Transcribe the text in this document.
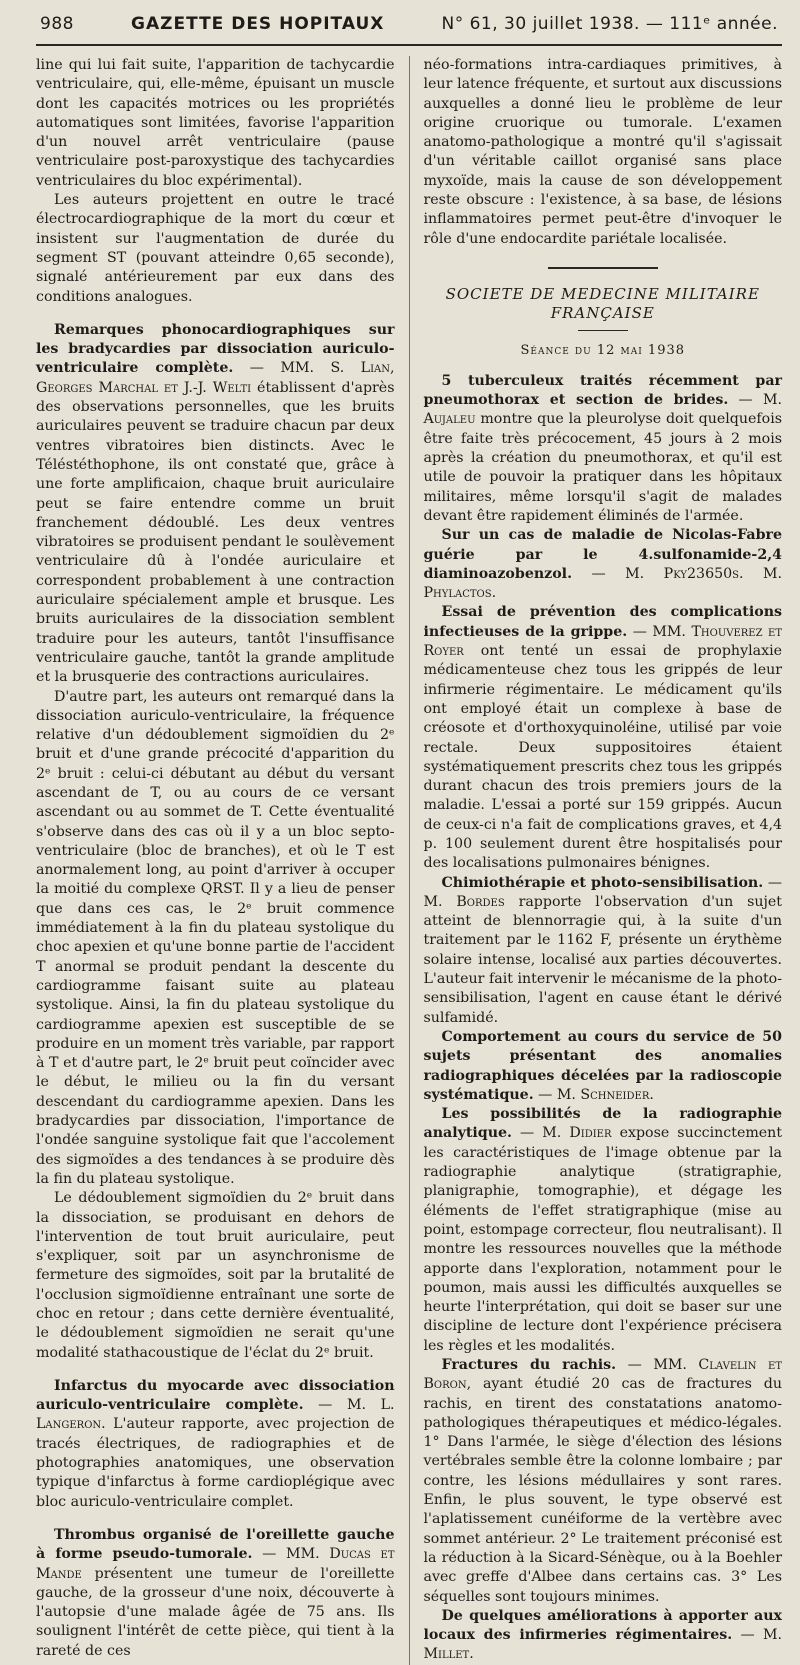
988	GAZETTE DES HOPITAUX	N° 61, 30 juillet 1938. — 111ᵉ année.

line qui lui fait suite, l'apparition de tachycardie ventriculaire, qui, elle-même, épuisant un muscle dont les capacités motrices ou les propriétés automatiques sont limitées, favorise l'apparition d'un nouvel arrêt ventriculaire (pause ventriculaire post-paroxystique des tachycardies ventriculaires du bloc expérimental).

Les auteurs projettent en outre le tracé électrocardiographique de la mort du cœur et insistent sur l'augmentation de durée du segment ST (pouvant atteindre 0,65 seconde), signalé antérieurement par eux dans des conditions analogues.

Remarques phonocardiographiques sur les bradycardies par dissociation auriculo-ventriculaire complète. — MM. S. Lian, Georges Marchal et J.-J. Welti établissent d'après des observations personnelles, que les bruits auriculaires peuvent se traduire chacun par deux ventres vibratoires bien distincts. Avec le Téléstéthophone, ils ont constaté que, grâce à une forte amplificaion, chaque bruit auriculaire peut se faire entendre comme un bruit franchement dédoublé. Les deux ventres vibratoires se produisent pendant le soulèvement ventriculaire dû à l'ondée auriculaire et correspondent probablement à une contraction auriculaire spécialement ample et brusque. Les bruits auriculaires de la dissociation semblent traduire pour les auteurs, tantôt l'insuffisance ventriculaire gauche, tantôt la grande amplitude et la brusquerie des contractions auriculaires.

D'autre part, les auteurs ont remarqué dans la dissociation auriculo-ventriculaire, la fréquence relative d'un dédoublement sigmoïdien du 2ᵉ bruit et d'une grande précocité d'apparition du 2ᵉ bruit : celui-ci débutant au début du versant ascendant de T, ou au cours de ce versant ascendant ou au sommet de T. Cette éventualité s'observe dans des cas où il y a un bloc septo-ventriculaire (bloc de branches), et où le T est anormalement long, au point d'arriver à occuper la moitié du complexe QRST. Il y a lieu de penser que dans ces cas, le 2ᵉ bruit commence immédiatement à la fin du plateau systolique du choc apexien et qu'une bonne partie de l'accident T anormal se produit pendant la descente du cardiogramme faisant suite au plateau systolique. Ainsi, la fin du plateau systolique du cardiogramme apexien est susceptible de se produire en un moment très variable, par rapport à T et d'autre part, le 2ᵉ bruit peut coïncider avec le début, le milieu ou la fin du versant descendant du cardiogramme apexien. Dans les bradycardies par dissociation, l'importance de l'ondée sanguine systolique fait que l'accolement des sigmoïdes a des tendances à se produire dès la fin du plateau systolique.

Le dédoublement sigmoïdien du 2ᵉ bruit dans la dissociation, se produisant en dehors de l'intervention de tout bruit auriculaire, peut s'expliquer, soit par un asynchronisme de fermeture des sigmoïdes, soit par la brutalité de l'occlusion sigmoïdienne entraînant une sorte de choc en retour ; dans cette dernière éventualité, le dédoublement sigmoïdien ne serait qu'une modalité stathacoustique de l'éclat du 2ᵉ bruit.

Infarctus du myocarde avec dissociation auriculo-ventriculaire complète. — M. L. Langeron. L'auteur rapporte, avec projection de tracés électriques, de radiographies et de photographies anatomiques, une observation typique d'infarctus à forme cardioplégique avec bloc auriculo-ventriculaire complet.

Thrombus organisé de l'oreillette gauche à forme pseudo-tumorale. — MM. Ducas et Mande présentent une tumeur de l'oreillette gauche, de la grosseur d'une noix, découverte à l'autopsie d'une malade âgée de 75 ans. Ils soulignent l'intérêt de cette pièce, qui tient à la rareté de ces

néo-formations intra-cardiaques primitives, à leur latence fréquente, et surtout aux discussions auxquelles a donné lieu le problème de leur origine cruorique ou tumorale. L'examen anatomo-pathologique a montré qu'il s'agissait d'un véritable caillot organisé sans place myxoïde, mais la cause de son développement reste obscure : l'existence, à sa base, de lésions inflammatoires permet peut-être d'invoquer le rôle d'une endocardite pariétale localisée.

SOCIETE DE MEDECINE MILITAIRE FRANÇAISE
Séance du 12 mai 1938

5 tuberculeux traités récemment par pneumothorax et section de brides. — M. Aujaleu montre que la pleurolyse doit quelquefois être faite très précocement, 45 jours à 2 mois après la création du pneumothorax, et qu'il est utile de pouvoir la pratiquer dans les hôpitaux militaires, même lorsqu'il s'agit de malades devant être rapidement éliminés de l'armée.

Sur un cas de maladie de Nicolas-Fabre guérie par le 4.sulfonamide-2,4 diaminoazobenzol. — M. Pky23650s. M. Phylactos.

Essai de prévention des complications infectieuses de la grippe. — MM. Thouverez et Royer ont tenté un essai de prophylaxie médicamenteuse chez tous les grippés de leur infirmerie régimentaire. Le médicament qu'ils ont employé était un complexe à base de créosote et d'orthoxyquinoléine, utilisé par voie rectale. Deux suppositoires étaient systématiquement prescrits chez tous les grippés durant chacun des trois premiers jours de la maladie. L'essai a porté sur 159 grippés. Aucun de ceux-ci n'a fait de complications graves, et 4,4 p. 100 seulement durent être hospitalisés pour des localisations pulmonaires bénignes.

Chimiothérapie et photo-sensibilisation. — M. Bordes rapporte l'observation d'un sujet atteint de blennorragie qui, à la suite d'un traitement par le 1162 F, présente un érythème solaire intense, localisé aux parties découvertes. L'auteur fait intervenir le mécanisme de la photo-sensibilisation, l'agent en cause étant le dérivé sulfamidé.

Comportement au cours du service de 50 sujets présentant des anomalies radiographiques décelées par la radioscopie systématique. — M. Schneider.

Les possibilités de la radiographie analytique. — M. Didier expose succinctement les caractéristiques de l'image obtenue par la radiographie analytique (stratigraphie, planigraphie, tomographie), et dégage les éléments de l'effet stratigraphique (mise au point, estompage correcteur, flou neutralisant). Il montre les ressources nouvelles que la méthode apporte dans l'exploration, notamment pour le poumon, mais aussi les difficultés auxquelles se heurte l'interprétation, qui doit se baser sur une discipline de lecture dont l'expérience précisera les règles et les modalités.

Fractures du rachis. — MM. Clavelin et Boron, ayant étudié 20 cas de fractures du rachis, en tirent des constatations anatomo-pathologiques thérapeutiques et médico-légales. 1° Dans l'armée, le siège d'élection des lésions vertébrales semble être la colonne lombaire ; par contre, les lésions médullaires y sont rares. Enfin, le plus souvent, le type observé est l'aplatissement cunéiforme de la vertèbre avec sommet antérieur. 2° Le traitement préconisé est la réduction à la Sicard-Sénèque, ou à la Boehler avec greffe d'Albee dans certains cas. 3° Les séquelles sont toujours minimes.

De quelques améliorations à apporter aux locaux des infirmeries régimentaires. — M. Millet.
